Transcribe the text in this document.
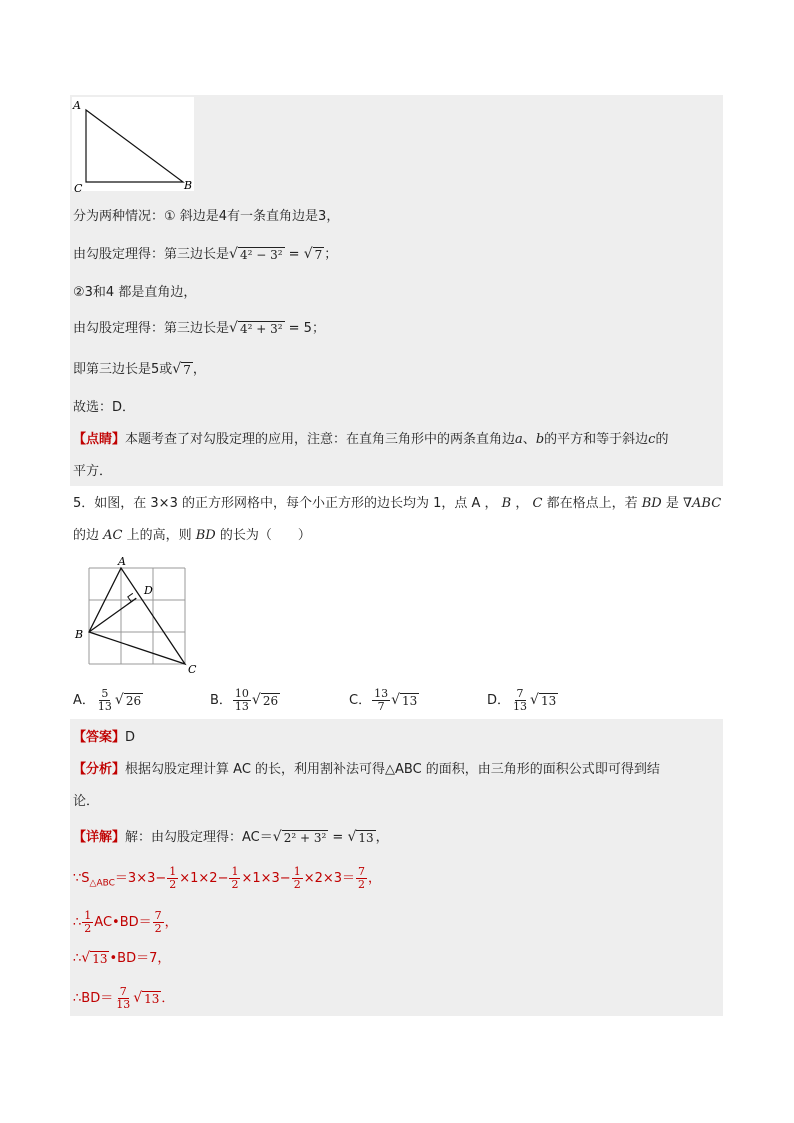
A
C	B
分为两种情况：① 斜边是4有一条直角边是3，
由勾股定理得：第三边长是 √ 4² − 3² = √ 7 ；
②3和4 都是直角边，
由勾股定理得：第三边长是 √ 4² + 3² = 5；
即第三边长是5或 √ 7 ，
故选：D．
【点睛】本题考查了对勾股定理的应用，注意：在直角三角形中的两条直角边a、b的平方和等于斜边c的
平方．
5．如图，在 3×3 的正方形网格中，每个小正方形的边长均为 1，点 A ， B ， C 都在格点上，若 BD 是 ∇ABC
的边 AC 上的高，则 BD 的长为（　　）
A
D
B
C
A． $\frac{5}{13}$ √ 26	B． $\frac{10}{13}$ √ 26	C． $\frac{13}{7}$ √ 13	D． $\frac{7}{13}$ √ 13
【答案】D
【分析】根据勾股定理计算 AC 的长，利用割补法可得△ABC 的面积，由三角形的面积公式即可得到结
论．
【详解】解：由勾股定理得：AC＝ √ 2² + 3² = √ 13 ，
$\because S_{\triangle ABC}=3\times 3- \frac{1}{2} \times 1\times 2- \frac{1}{2} \times 1\times 3- \frac{1}{2} \times 2\times 3= \frac{7}{2}$ ，
∴ $\frac{1}{2}$ AC•BD＝ $\frac{7}{2}$ ，
∴ √ 13 •BD＝7，
∴BD＝ $\frac{7}{13}$ √ 13 ．
